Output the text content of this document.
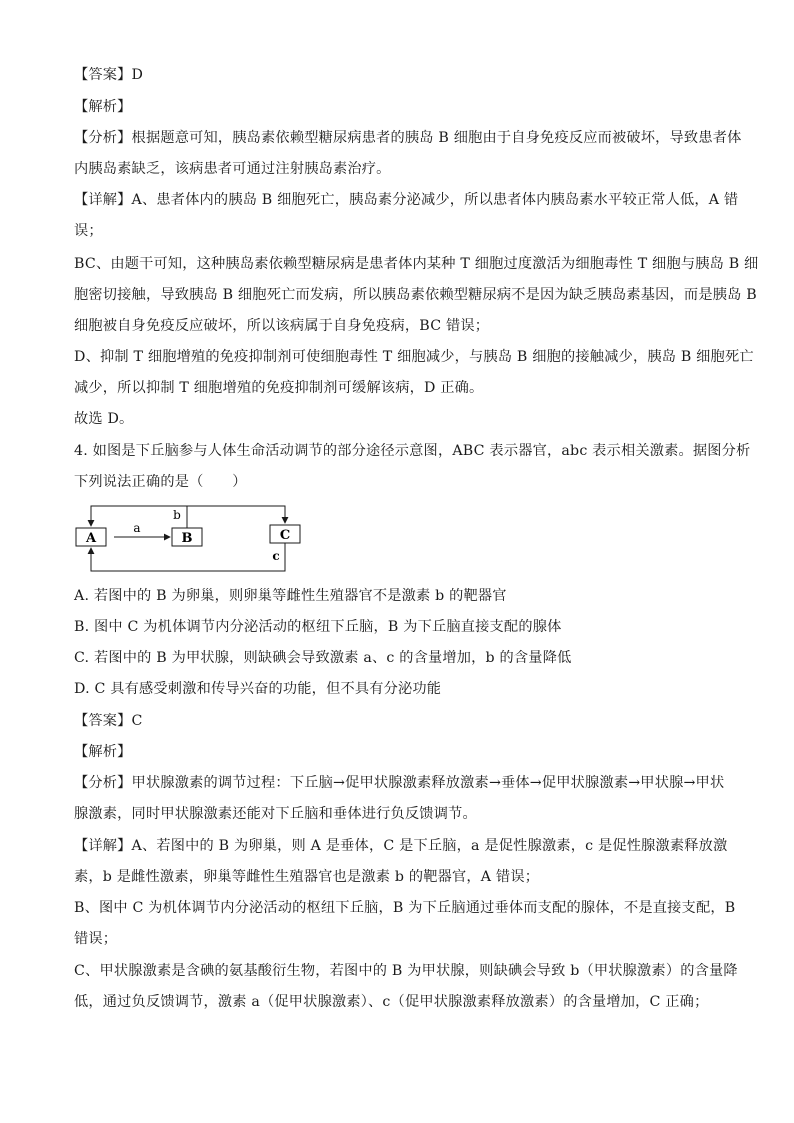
【答案】D
【解析】
【分析】根据题意可知，胰岛素依赖型糖尿病患者的胰岛 B 细胞由于自身免疫反应而被破坏，导致患者体
内胰岛素缺乏，该病患者可通过注射胰岛素治疗。
【详解】A、患者体内的胰岛 B 细胞死亡，胰岛素分泌减少，所以患者体内胰岛素水平较正常人低，A 错
误；
BC、由题干可知，这种胰岛素依赖型糖尿病是患者体内某种 T 细胞过度激活为细胞毒性 T 细胞与胰岛 B 细
胞密切接触，导致胰岛 B 细胞死亡而发病，所以胰岛素依赖型糖尿病不是因为缺乏胰岛素基因，而是胰岛 B
细胞被自身免疫反应破坏，所以该病属于自身免疫病，BC 错误；
D、抑制 T 细胞增殖的免疫抑制剂可使细胞毒性 T 细胞减少，与胰岛 B 细胞的接触减少，胰岛 B 细胞死亡
减少，所以抑制 T 细胞增殖的免疫抑制剂可缓解该病，D 正确。
故选 D。
4. 如图是下丘脑参与人体生命活动调节的部分途径示意图，ABC 表示器官，abc 表示相关激素。据图分析
下列说法正确的是（　　）
A	B	C
a
b
c
A. 若图中的 B 为卵巢，则卵巢等雌性生殖器官不是激素 b 的靶器官
B. 图中 C 为机体调节内分泌活动的枢纽下丘脑，B 为下丘脑直接支配的腺体
C. 若图中的 B 为甲状腺，则缺碘会导致激素 a、c 的含量增加，b 的含量降低
D. C 具有感受刺激和传导兴奋的功能，但不具有分泌功能
【答案】C
【解析】
【分析】甲状腺激素的调节过程：下丘脑→促甲状腺激素释放激素→垂体→促甲状腺激素→甲状腺→甲状
腺激素，同时甲状腺激素还能对下丘脑和垂体进行负反馈调节。
【详解】A、若图中的 B 为卵巢，则 A 是垂体，C 是下丘脑，a 是促性腺激素，c 是促性腺激素释放激
素，b 是雌性激素，卵巢等雌性生殖器官也是激素 b 的靶器官，A 错误；
B、图中 C 为机体调节内分泌活动的枢纽下丘脑，B 为下丘脑通过垂体而支配的腺体，不是直接支配，B
错误；
C、甲状腺激素是含碘的氨基酸衍生物，若图中的 B 为甲状腺，则缺碘会导致 b（甲状腺激素）的含量降
低，通过负反馈调节，激素 a（促甲状腺激素）、c（促甲状腺激素释放激素）的含量增加，C 正确；
